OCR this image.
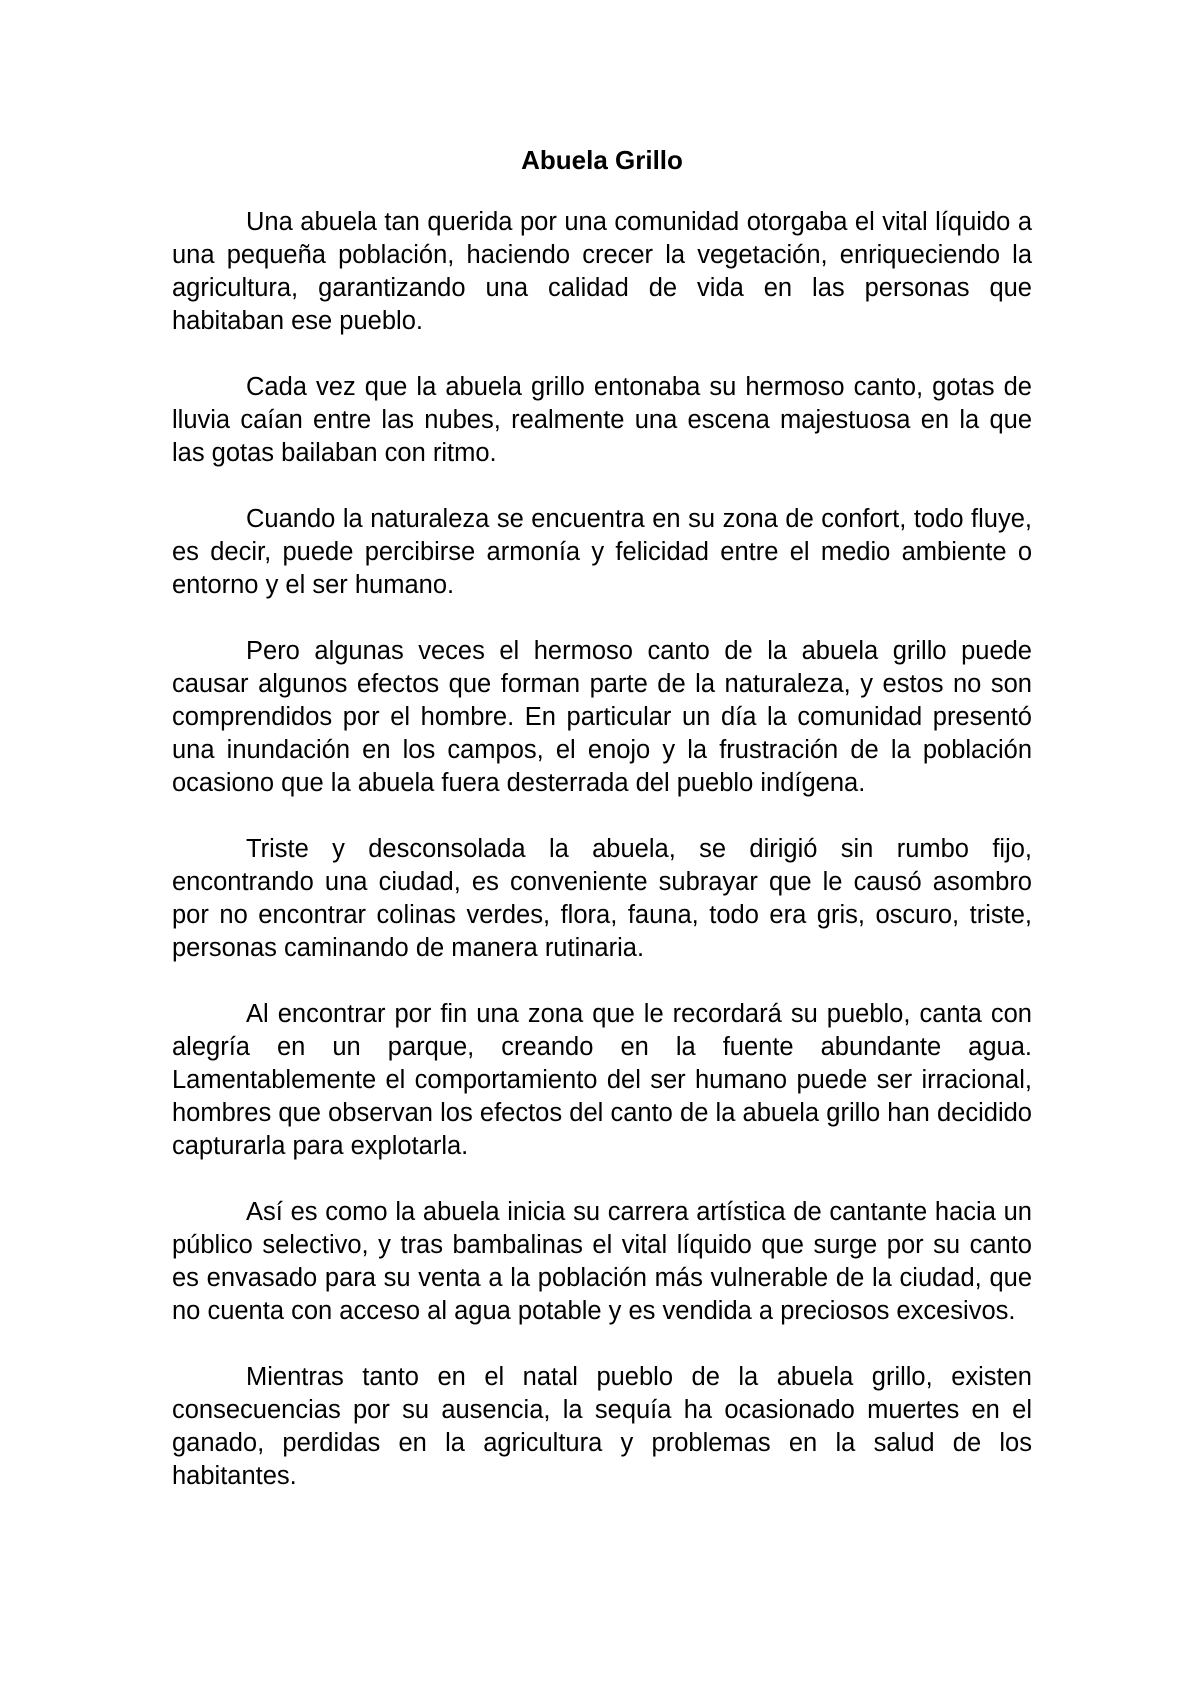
Abuela Grillo

Una abuela tan querida por una comunidad otorgaba el vital líquido a una pequeña población, haciendo crecer la vegetación, enriqueciendo la agricultura, garantizando una calidad de vida en las personas que habitaban ese pueblo.

Cada vez que la abuela grillo entonaba su hermoso canto, gotas de lluvia caían entre las nubes, realmente una escena majestuosa en la que las gotas bailaban con ritmo.

Cuando la naturaleza se encuentra en su zona de confort, todo fluye, es decir, puede percibirse armonía y felicidad entre el medio ambiente o entorno y el ser humano.

Pero algunas veces el hermoso canto de la abuela grillo puede causar algunos efectos que forman parte de la naturaleza, y estos no son comprendidos por el hombre. En particular un día la comunidad presentó una inundación en los campos, el enojo y la frustración de la población ocasiono que la abuela fuera desterrada del pueblo indígena.

Triste y desconsolada la abuela, se dirigió sin rumbo fijo, encontrando una ciudad, es conveniente subrayar que le causó asombro por no encontrar colinas verdes, flora, fauna, todo era gris, oscuro, triste, personas caminando de manera rutinaria.

Al encontrar por fin una zona que le recordará su pueblo, canta con alegría en un parque, creando en la fuente abundante agua. Lamentablemente el comportamiento del ser humano puede ser irracional, hombres que observan los efectos del canto de la abuela grillo han decidido capturarla para explotarla.

Así es como la abuela inicia su carrera artística de cantante hacia un público selectivo, y tras bambalinas el vital líquido que surge por su canto es envasado para su venta a la población más vulnerable de la ciudad, que no cuenta con acceso al agua potable y es vendida a preciosos excesivos.

Mientras tanto en el natal pueblo de la abuela grillo, existen consecuencias por su ausencia, la sequía ha ocasionado muertes en el ganado, perdidas en la agricultura y problemas en la salud de los habitantes.
